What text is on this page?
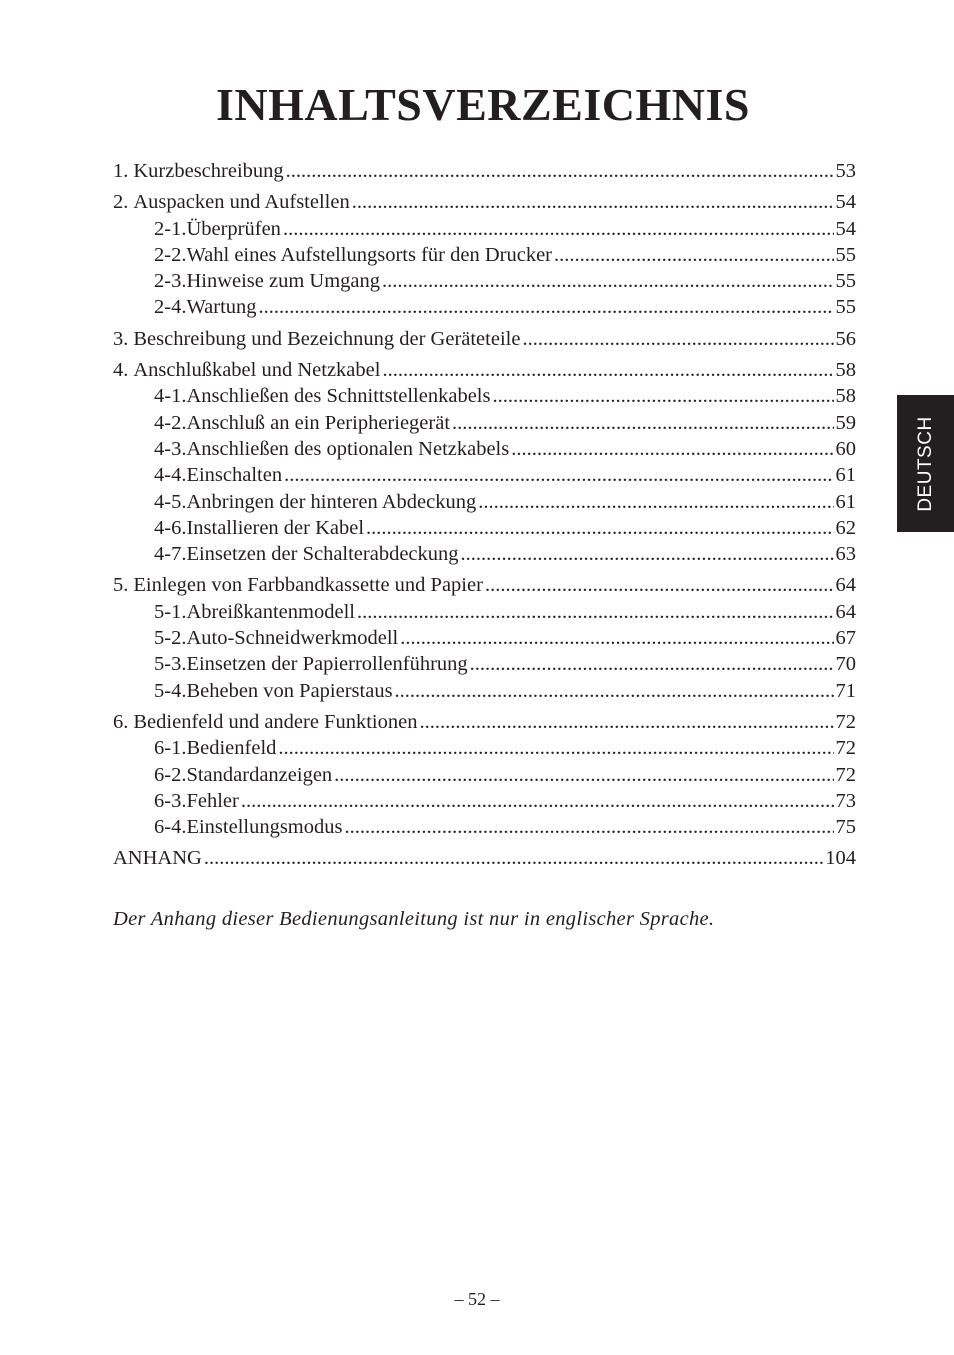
INHALTSVERZEICHNIS
1. Kurzbeschreibung .....	53
2. Auspacken und Aufstellen .....	54
2-1. Überprüfen .....	54
2-2. Wahl eines Aufstellungsorts für den Drucker .....	55
2-3. Hinweise zum Umgang .....	55
2-4. Wartung .....	55
3. Beschreibung und Bezeichnung der Geräteteile .....	56
4. Anschlußkabel und Netzkabel .....	58
4-1. Anschließen des Schnittstellenkabels .....	58
4-2. Anschluß an ein Peripheriegerät .....	59
4-3. Anschließen des optionalen Netzkabels .....	60
4-4. Einschalten .....	61
4-5. Anbringen der hinteren Abdeckung .....	61
4-6. Installieren der Kabel .....	62
4-7. Einsetzen der Schalterabdeckung .....	63
5. Einlegen von Farbbandkassette und Papier .....	64
5-1. Abreißkantenmodell .....	64
5-2. Auto-Schneidwerkmodell .....	67
5-3. Einsetzen der Papierrollenführung .....	70
5-4. Beheben von Papierstaus .....	71
6. Bedienfeld und andere Funktionen .....	72
6-1. Bedienfeld .....	72
6-2. Standardanzeigen .....	72
6-3. Fehler .....	73
6-4. Einstellungsmodus .....	75
ANHANG .....	104
Der Anhang dieser Bedienungsanleitung ist nur in englischer Sprache.
DEUTSCH
– 52 –
